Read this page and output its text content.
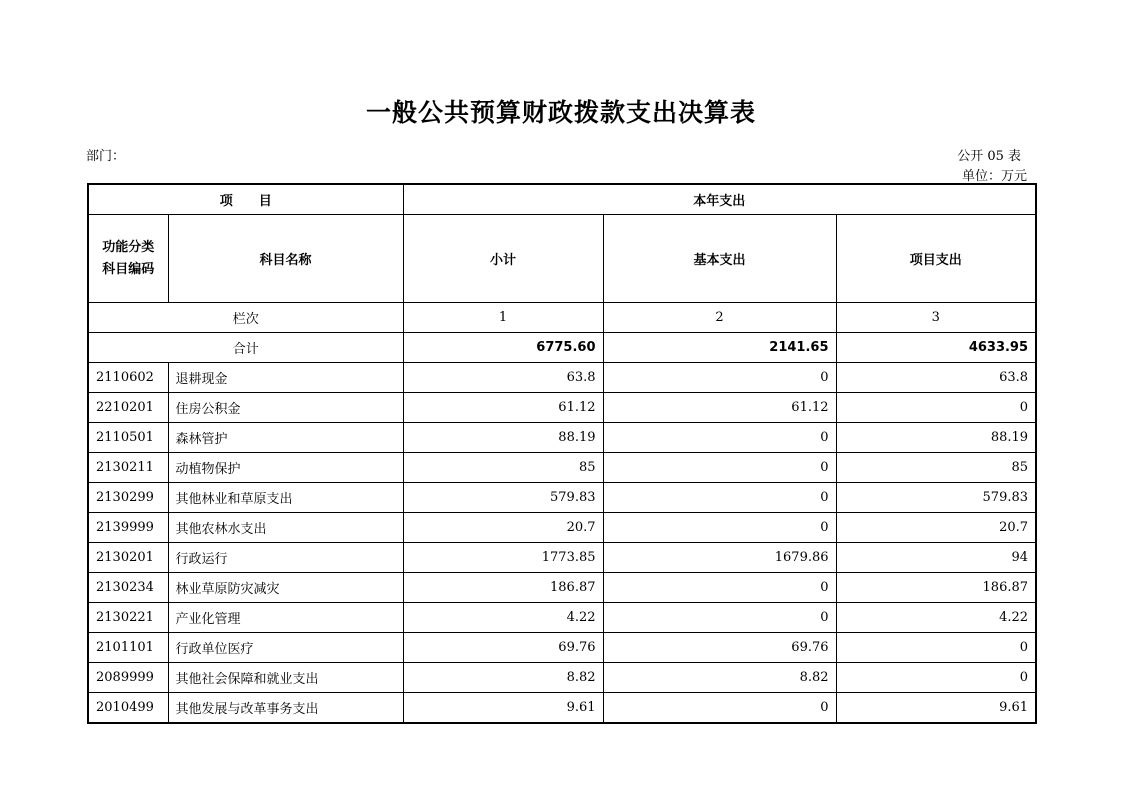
一般公共预算财政拨款支出决算表
部门：	公开 05 表
单位：万元
项　　目		本年支出		
功能分类
科目编码	科目名称	小计	基本支出	项目支出
栏次		1	2	3
合计		6775.60	2141.65	4633.95
2110602	退耕现金	63.8	0	63.8
2210201	住房公积金	61.12	61.12	0
2110501	森林管护	88.19	0	88.19
2130211	动植物保护	85	0	85
2130299	其他林业和草原支出	579.83	0	579.83
2139999	其他农林水支出	20.7	0	20.7
2130201	行政运行	1773.85	1679.86	94
2130234	林业草原防灾减灾	186.87	0	186.87
2130221	产业化管理	4.22	0	4.22
2101101	行政单位医疗	69.76	69.76	0
2089999	其他社会保障和就业支出	8.82	8.82	0
2010499	其他发展与改革事务支出	9.61	0	9.61
